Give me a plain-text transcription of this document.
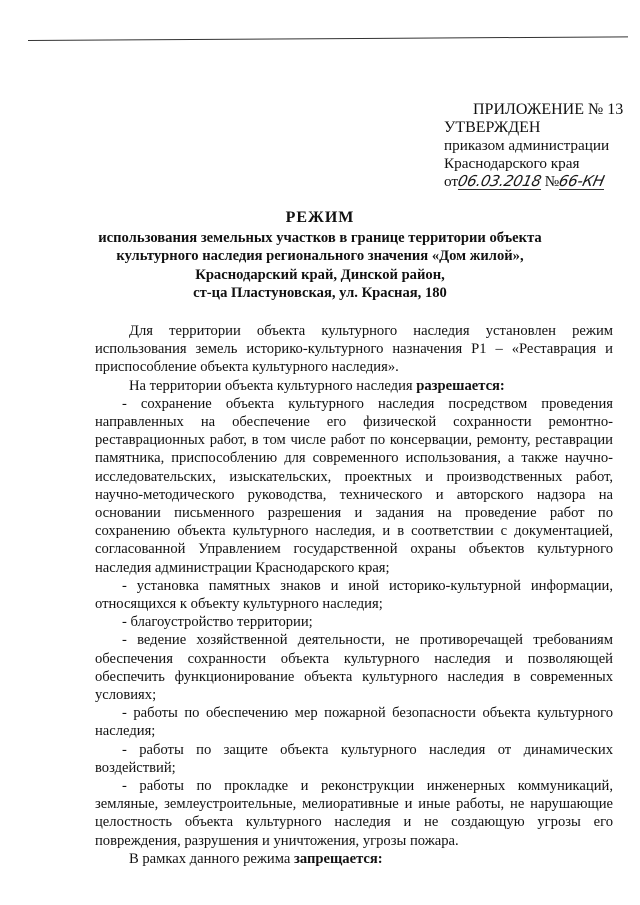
ПРИЛОЖЕНИЕ № 13
УТВЕРЖДЕН
приказом администрации
Краснодарского края
от06.03.2018 №66-КН
РЕЖИМ
использования земельных участков в границе территории объекта
культурного наследия регионального значения «Дом жилой»,
Краснодарский край, Динской район,
ст-ца Пластуновская, ул. Красная, 180

Для территории объекта культурного наследия установлен режим использования земель историко-культурного назначения Р1 – «Реставрация и приспособление объекта культурного наследия».

На территории объекта культурного наследия разрешается:

- сохранение объекта культурного наследия посредством проведения направленных на обеспечение его физической сохранности ремонтно-реставрационных работ, в том числе работ по консервации, ремонту, реставрации памятника, приспособлению для современного использования, а также научно-исследовательских, изыскательских, проектных и производственных работ, научно-методического руководства, технического и авторского надзора на основании письменного разрешения и задания на проведение работ по сохранению объекта культурного наследия, и в соответствии с документацией, согласованной Управлением государственной охраны объектов культурного наследия администрации Краснодарского края;

- установка памятных знаков и иной историко-культурной информации, относящихся к объекту культурного наследия;

- благоустройство территории;

- ведение хозяйственной деятельности, не противоречащей требованиям обеспечения сохранности объекта культурного наследия и позволяющей обеспечить функционирование объекта культурного наследия в современных условиях;

- работы по обеспечению мер пожарной безопасности объекта культурного наследия;

- работы по защите объекта культурного наследия от динамических воздействий;

- работы по прокладке и реконструкции инженерных коммуникаций, земляные, землеустроительные, мелиоративные и иные работы, не нарушающие целостность объекта культурного наследия и не создающую угрозы его повреждения, разрушения и уничтожения, угрозы пожара.

В рамках данного режима запрещается:
